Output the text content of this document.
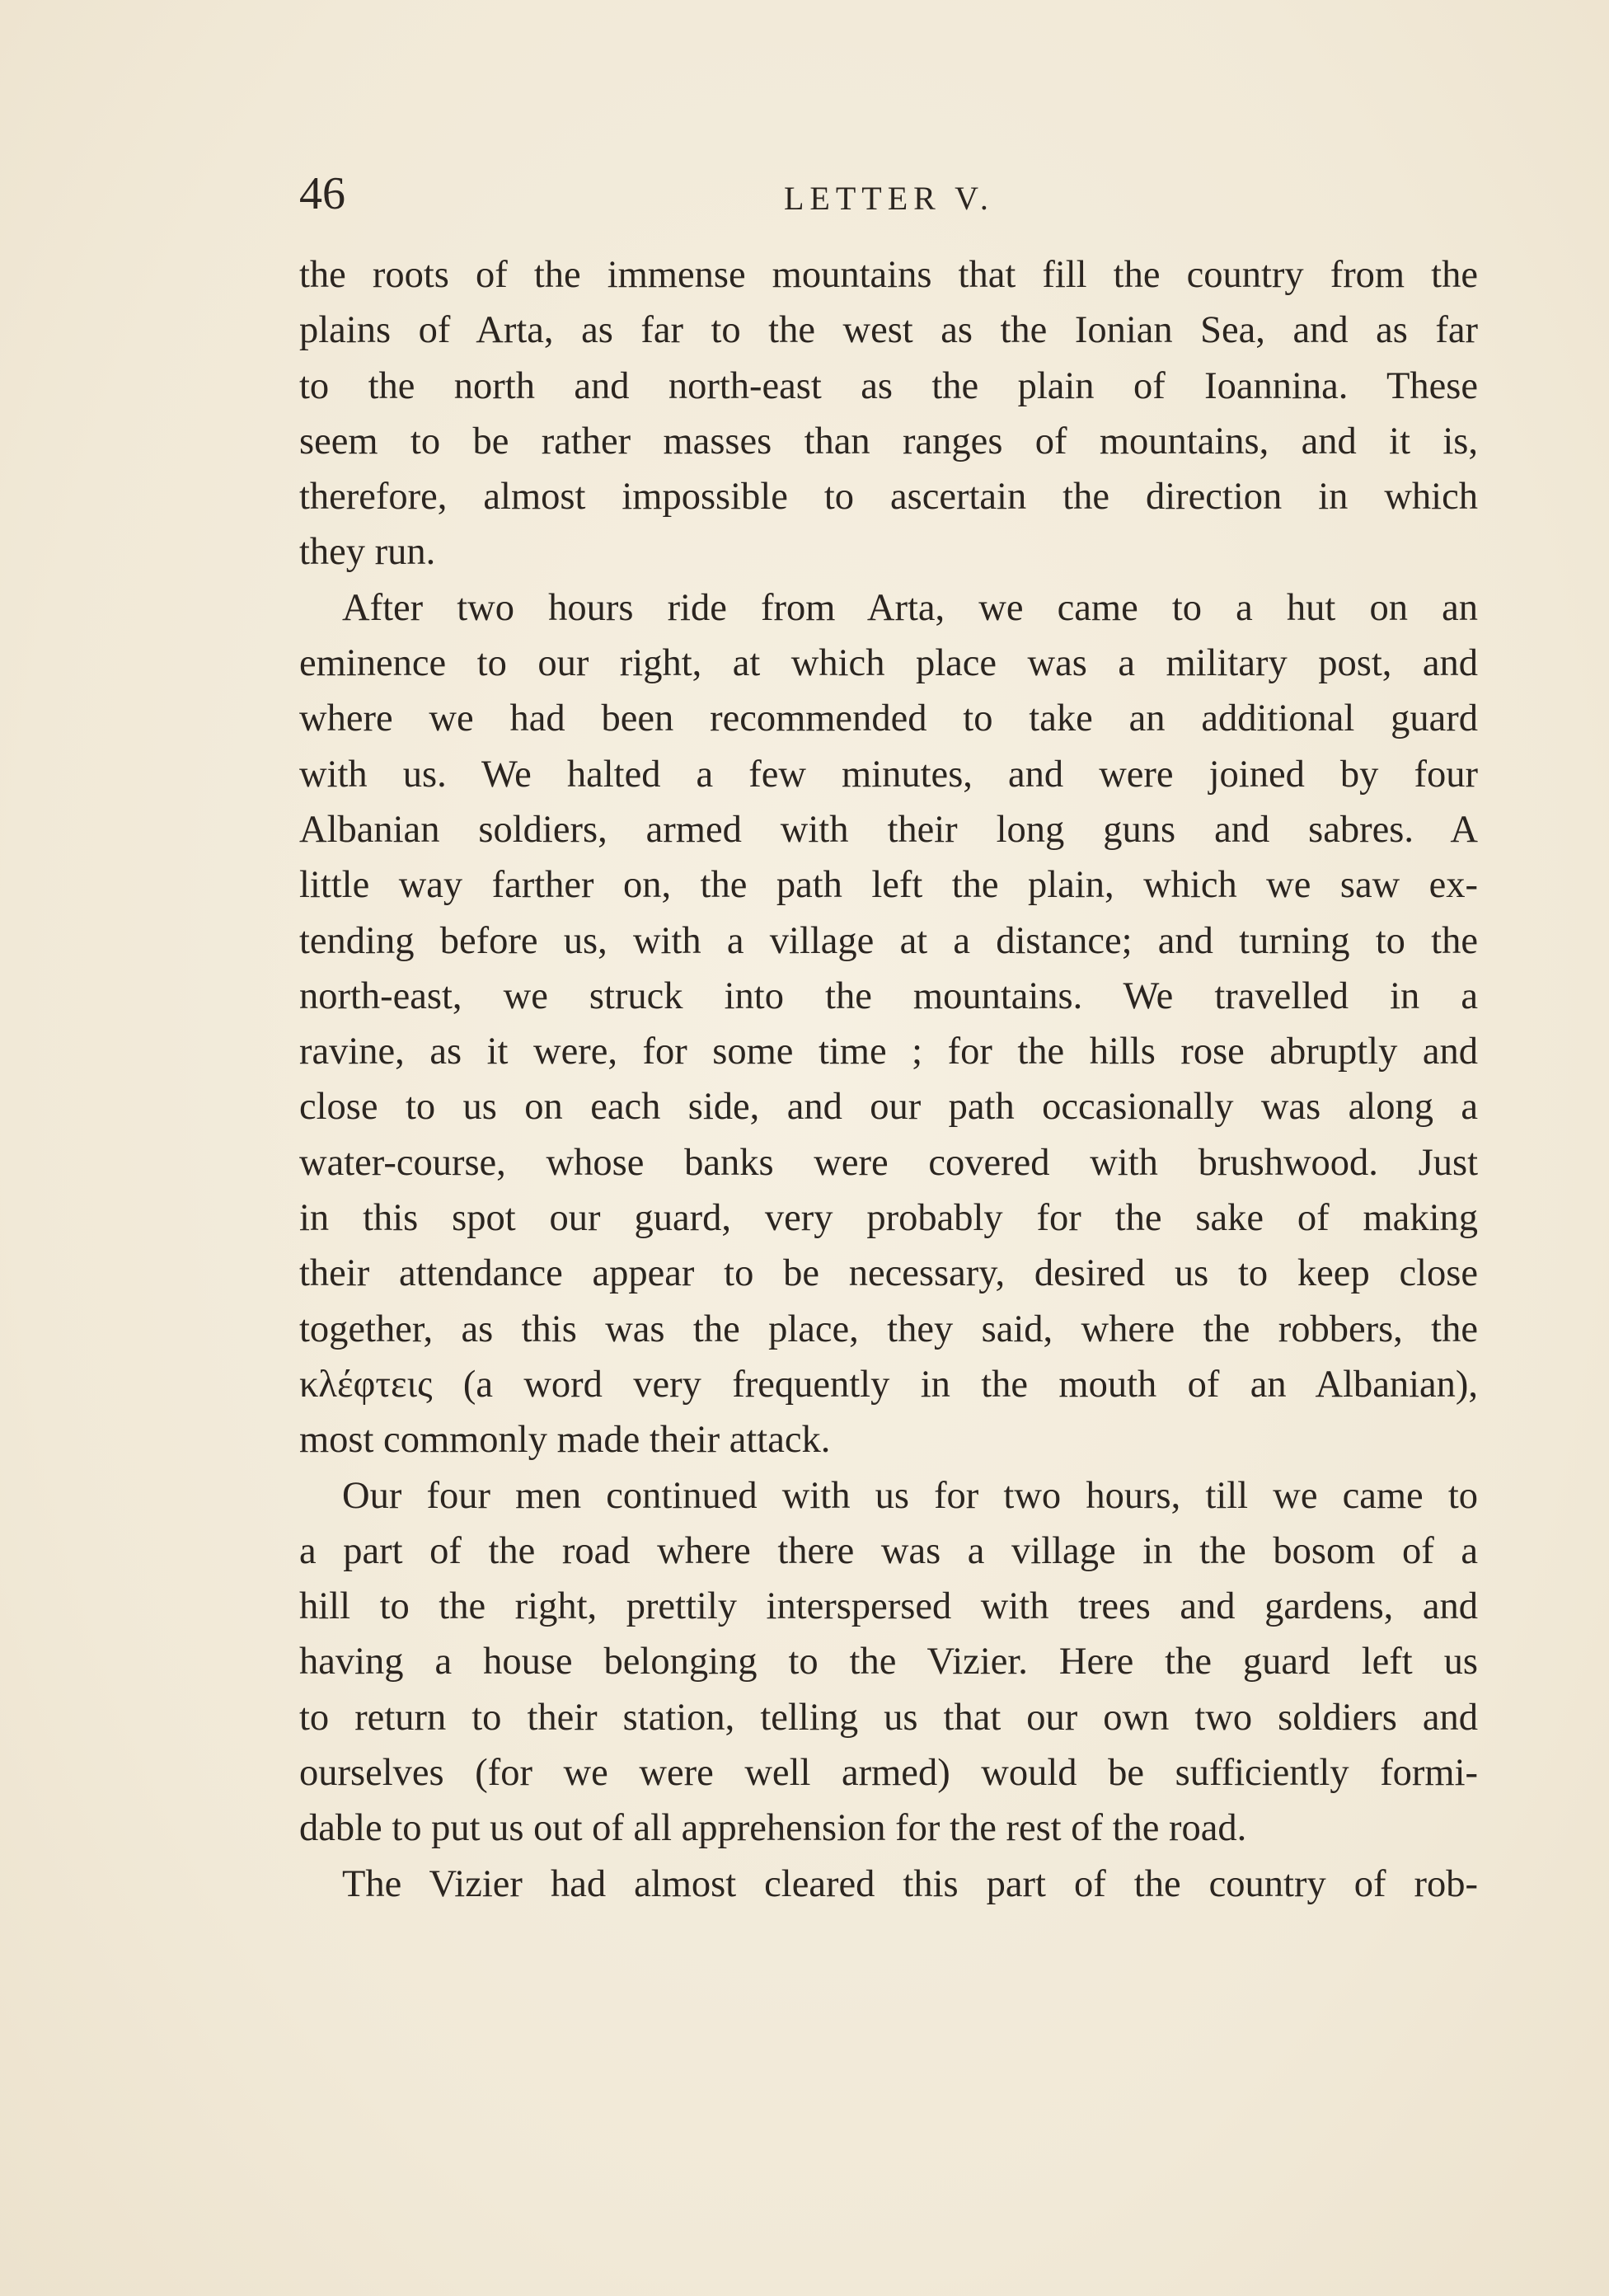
46	LETTER V.
the roots of the immense mountains that fill the country from the
plains of Arta, as far to the west as the Ionian Sea, and as far
to the north and north-east as the plain of Ioannina. These
seem to be rather masses than ranges of mountains, and it is,
therefore, almost impossible to ascertain the direction in which
they run.
After two hours ride from Arta, we came to a hut on an
eminence to our right, at which place was a military post, and
where we had been recommended to take an additional guard
with us. We halted a few minutes, and were joined by four
Albanian soldiers, armed with their long guns and sabres. A
little way farther on, the path left the plain, which we saw ex-
tending before us, with a village at a distance; and turning to the
north-east, we struck into the mountains. We travelled in a
ravine, as it were, for some time ; for the hills rose abruptly and
close to us on each side, and our path occasionally was along a
water-course, whose banks were covered with brushwood. Just
in this spot our guard, very probably for the sake of making
their attendance appear to be necessary, desired us to keep close
together, as this was the place, they said, where the robbers, the
κλέφτεις (a word very frequently in the mouth of an Albanian),
most commonly made their attack.
Our four men continued with us for two hours, till we came to
a part of the road where there was a village in the bosom of a
hill to the right, prettily interspersed with trees and gardens, and
having a house belonging to the Vizier. Here the guard left us
to return to their station, telling us that our own two soldiers and
ourselves (for we were well armed) would be sufficiently formi-
dable to put us out of all apprehension for the rest of the road.
The Vizier had almost cleared this part of the country of rob-
